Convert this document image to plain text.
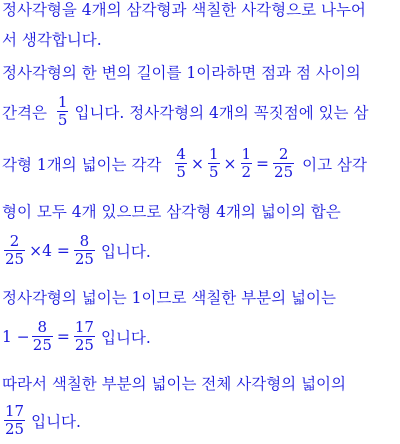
정사각형을 4개의 삼각형과 색칠한 사각형으로 나누어
서 생각합니다.
정사각형의 한 변의 길이를 1이라하면 점과 점 사이의
간격은 $\frac{1}{5}$ 입니다. 정사각형의 4개의 꼭짓점에 있는 삼
각형 1개의 넓이는 각각 $\frac{4}{5} \times \frac{1}{5} \times \frac{1}{2} = \frac{2}{25}$ 이고 삼각
형이 모두 4개 있으므로 삼각형 4개의 넓이의 합은
$\frac{2}{25} \times 4 = \frac{8}{25}$ 입니다.
정사각형의 넓이는 1이므로 색칠한 부분의 넓이는
$1 - \frac{8}{25} = \frac{17}{25}$ 입니다.
따라서 색칠한 부분의 넓이는 전체 사각형의 넓이의
$\frac{17}{25}$ 입니다.
